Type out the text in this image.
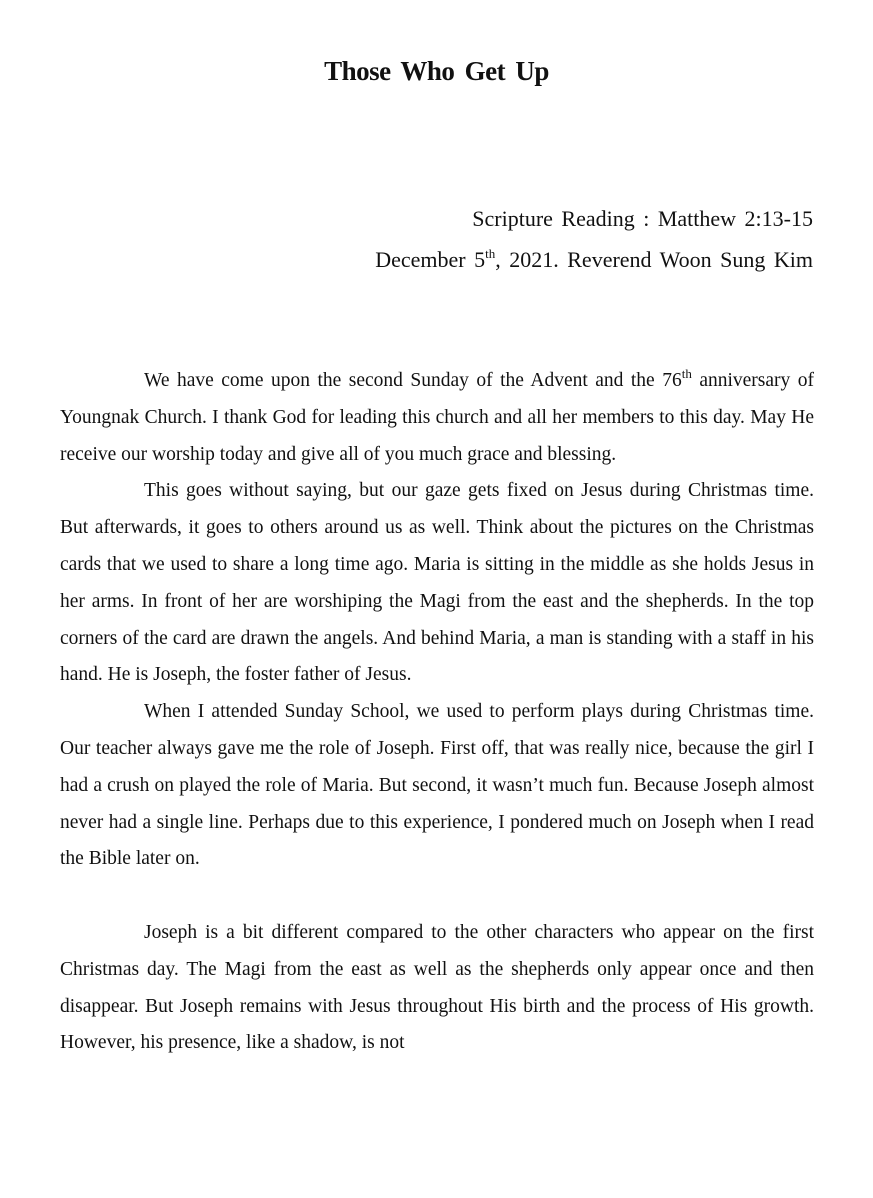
Those Who Get Up
Scripture Reading : Matthew 2:13-15
December 5th, 2021. Reverend Woon Sung Kim

We have come upon the second Sunday of the Advent and the 76th anniversary of Youngnak Church. I thank God for leading this church and all her members to this day. May He receive our worship today and give all of you much grace and blessing.

This goes without saying, but our gaze gets fixed on Jesus during Christmas time. But afterwards, it goes to others around us as well. Think about the pictures on the Christmas cards that we used to share a long time ago. Maria is sitting in the middle as she holds Jesus in her arms. In front of her are worshiping the Magi from the east and the shepherds. In the top corners of the card are drawn the angels. And behind Maria, a man is standing with a staff in his hand. He is Joseph, the foster father of Jesus.

When I attended Sunday School, we used to perform plays during Christmas time. Our teacher always gave me the role of Joseph. First off, that was really nice, because the girl I had a crush on played the role of Maria. But second, it wasn’t much fun. Because Joseph almost never had a single line. Perhaps due to this experience, I pondered much on Joseph when I read the Bible later on.

Joseph is a bit different compared to the other characters who appear on the first Christmas day. The Magi from the east as well as the shepherds only appear once and then disappear. But Joseph remains with Jesus throughout His birth and the process of His growth. However, his presence, like a shadow, is not
